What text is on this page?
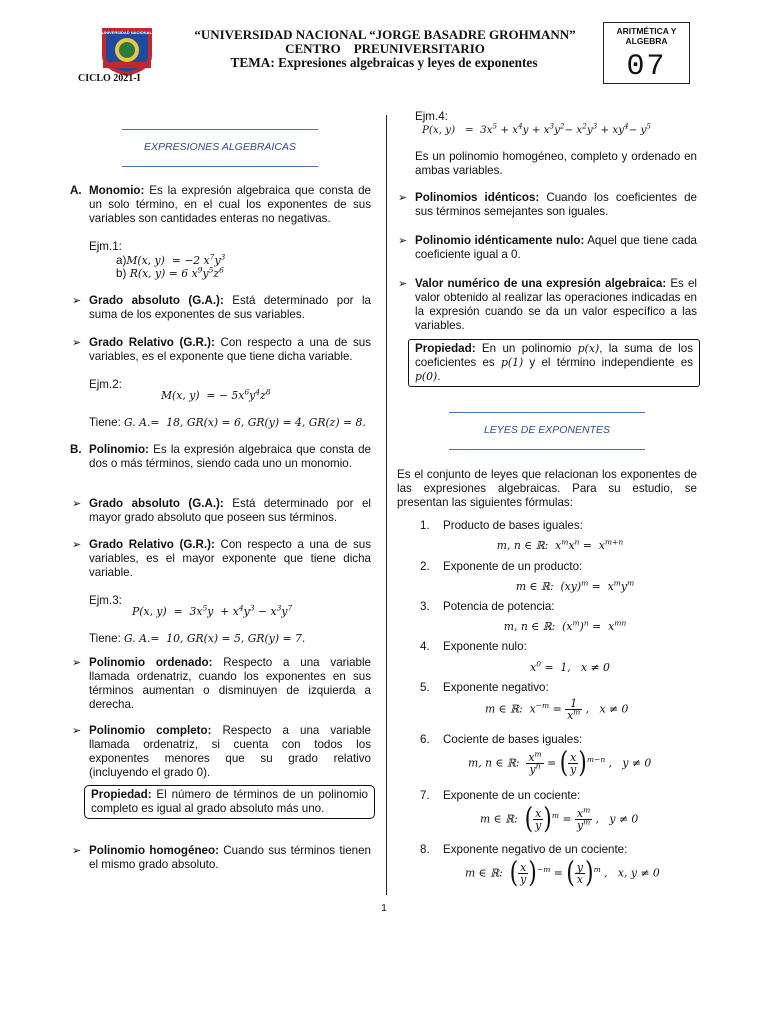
UNIVERSIDAD NACIONAL	“UNIVERSIDAD NACIONAL “JORGE BASADRE GROHMANN”
CENTRO    PREUNIVERSITARIO
TEMA: Expresiones algebraicas y leyes de exponentes
CICLO 2021-I
ARITMÉTICA Y ALGEBRA
07
EXPRESIONES ALGEBRAICAS
A. Monomio: Es la expresión algebraica que consta de un solo término, en el cual los exponentes de sus variables son cantidades enteras no negativas.
Ejm.1:
a)M(x, y)  = −2 $x^7y^3$
b) R(x, y) = 6 $x^9y^5z^6$
➢ Grado absoluto (G.A.): Está determinado por la suma de los exponentes de sus variables.
➢ Grado Relativo (G.R.): Con respecto a una de sus variables, es el exponente que tiene dicha variable.
Ejm.2:
M(x, y)  = − $5x^6y^4z^8$
Tiene: G. A.=  18, GR(x) = 6, GR(y) = 4, GR(z) = 8.
B. Polinomio: Es la expresión algebraica que consta de dos o más términos, siendo cada uno un monomio.
➢ Grado absoluto (G.A.): Está determinado por el mayor grado absoluto que poseen sus términos.
➢ Grado Relativo (G.R.): Con respecto a una de sus variables, es el mayor exponente que tiene dicha variable.
Ejm.3:
P(x, $y) = 3x^5y + x^4y^3 - x^3y^7$
Tiene: G. A.=  10, GR(x) = 5, GR(y) = 7.
➢ Polinomio ordenado: Respecto a una variable llamada ordenatriz, cuando los exponentes en sus términos aumentan o disminuyen de izquierda a derecha.
➢ Polinomio completo: Respecto a una variable llamada ordenatriz, si cuenta con todos los exponentes menores que su grado relativo (incluyendo el grado 0).
Propiedad: El número de términos de un polinomio completo es igual al grado absoluto más uno.
➢ Polinomio homogéneo: Cuando sus términos tienen el mismo grado absoluto.
Ejm.4:
P(x, $y) = 3x^5 + x^4y + x^3y^2- x^2y^3 + xy^4- y^5$
Es un polinomio homogéneo, completo y ordenado en ambas variables.
➢ Polinomios idénticos: Cuando los coeficientes de sus términos semejantes son iguales.
➢ Polinomio idénticamente nulo: Aquel que tiene cada coeficiente igual a 0.
➢ Valor numérico de una expresión algebraica: Es el valor obtenido al realizar las operaciones indicadas en la expresión cuando se da un valor específico a las variables.
Propiedad: En un polinomio p(x), la suma de los coeficientes es p(1) y el término independiente es p(0).
LEYES DE EXPONENTES
Es el conjunto de leyes que relacionan los exponentes de las expresiones algebraicas. Para su estudio, se presentan las siguientes fórmulas:
1. Producto de bases iguales:
m, n ∈ ℝ:  $x^mx^n = x^{m+n}$
2. Exponente de un producto:
m ∈ ℝ:  $(xy)^m = x^my^m$
3. Potencia de potencia:
m, n ∈ ℝ:  $(x^m)^n = x^{mn}$
4. Exponente nulo:
$x^0 = 1$,   x ≠ 0
5. Exponente negativo:
m ∈ ℝ:  $x^{-m} = \frac{1}{x^m}$ ,   x ≠ 0
6. Cociente de bases iguales:
m, n ∈ ℝ: $\frac{x^m}{y^n}$ = ( $\frac{x}{y} )^{m-n}$ ,   y ≠ 0
7. Exponente de un cociente:
m ∈ ℝ:  ( $\frac{x}{y} )^m = \frac{x^m}{y^m}$ ,   y ≠ 0
8. Exponente negativo de un cociente:
m ∈ ℝ:  ( $\frac{x}{y} )^{-m}$ = ( $\frac{y}{x} )^m$ ,   x, y ≠ 0
1
